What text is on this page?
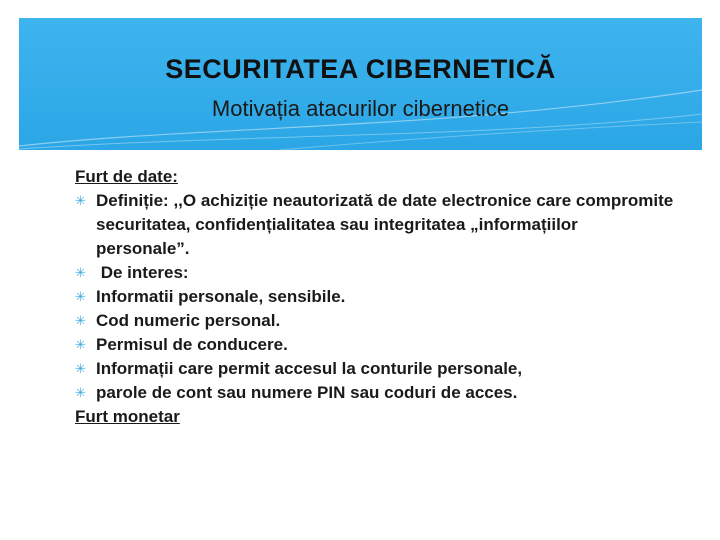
SECURITATEA CIBERNETICĂ
Motivația atacurilor cibernetice
Furt de date:
✳ Definiție: ,,O achiziție neautorizată de date electronice care compromite securitatea, confidențialitatea sau integritatea „informațiilor personale”.
✳ De interes:
✳ Informatii personale, sensibile.
✳ Cod numeric personal.
✳ Permisul de conducere.
✳ Informații care permit accesul la conturile personale,
✳ parole de cont sau numere PIN sau coduri de acces.
Furt monetar
